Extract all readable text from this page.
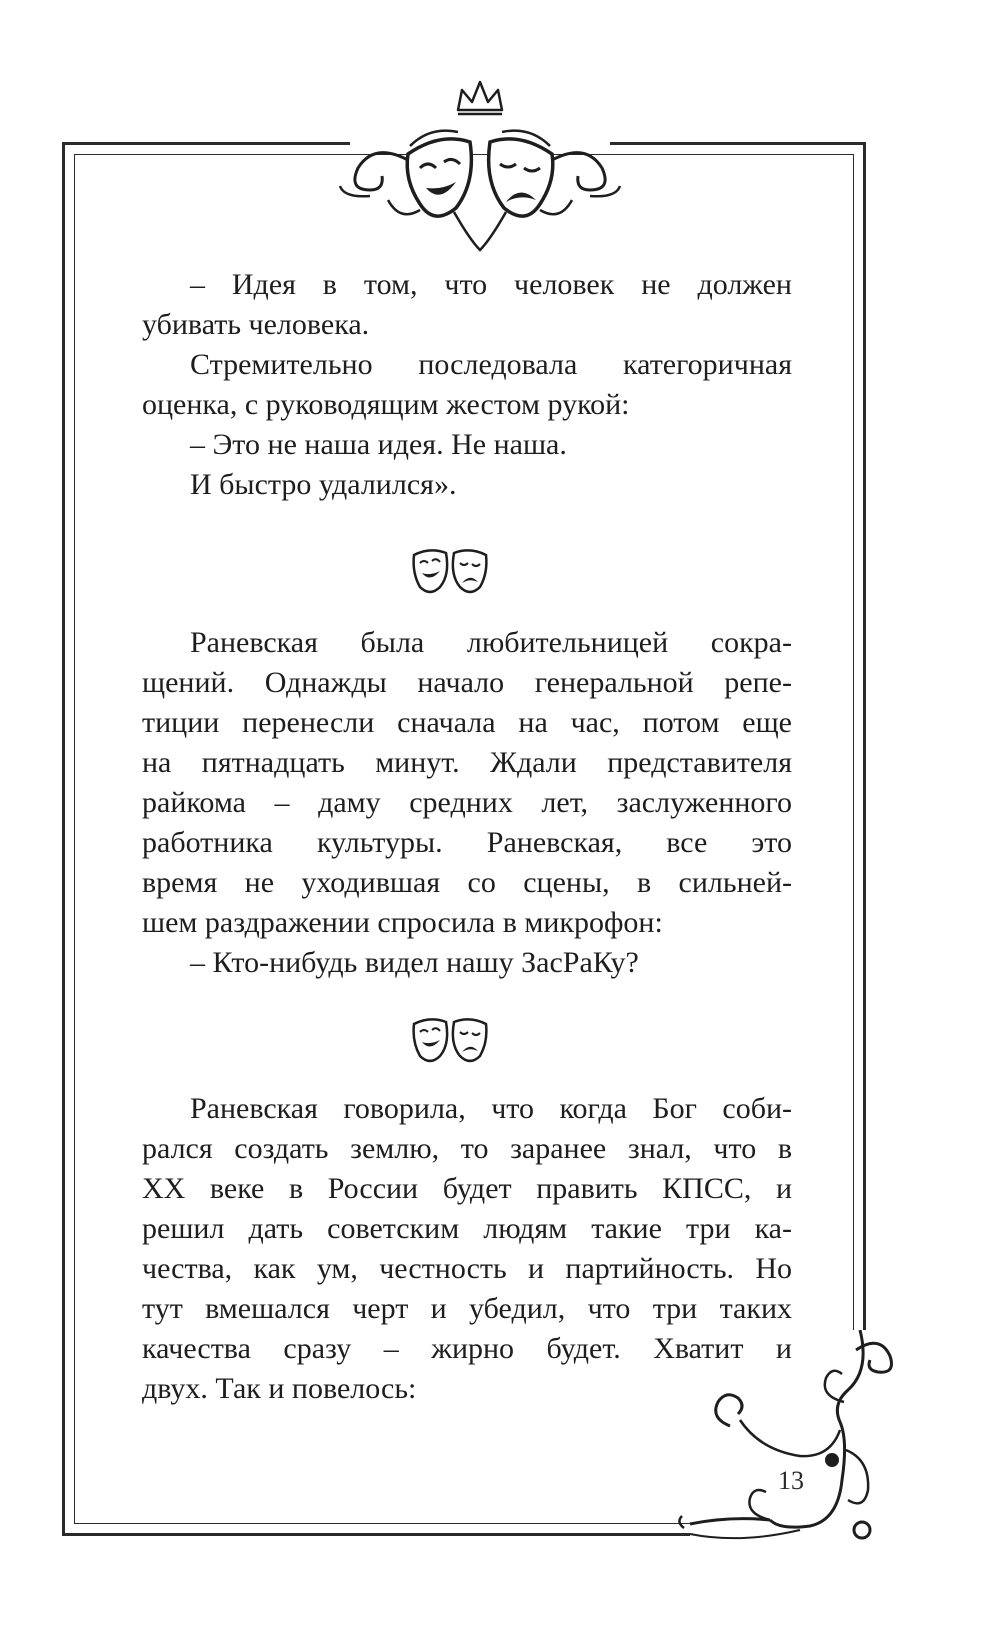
– Идея в том, что человек не должен
убивать человека.
Стремительно последовала категоричная
оценка, с руководящим жестом рукой:
– Это не наша идея. Не наша.
И быстро удалился».
Раневская была любительницей сокра-
щений. Однажды начало генеральной репе-
тиции перенесли сначала на час, потом еще
на пятнадцать минут. Ждали представителя
райкома – даму средних лет, заслуженного
работника культуры. Раневская, все это
время не уходившая со сцены, в сильней-
шем раздражении спросила в микрофон:
– Кто-нибудь видел нашу ЗасРаКу?
Раневская говорила, что когда Бог соби-
рался создать землю, то заранее знал, что в
XX веке в России будет править КПСС, и
решил дать советским людям такие три ка-
чества, как ум, честность и партийность. Но
тут вмешался черт и убедил, что три таких
качества сразу – жирно будет. Хватит и
двух. Так и повелось:
13
